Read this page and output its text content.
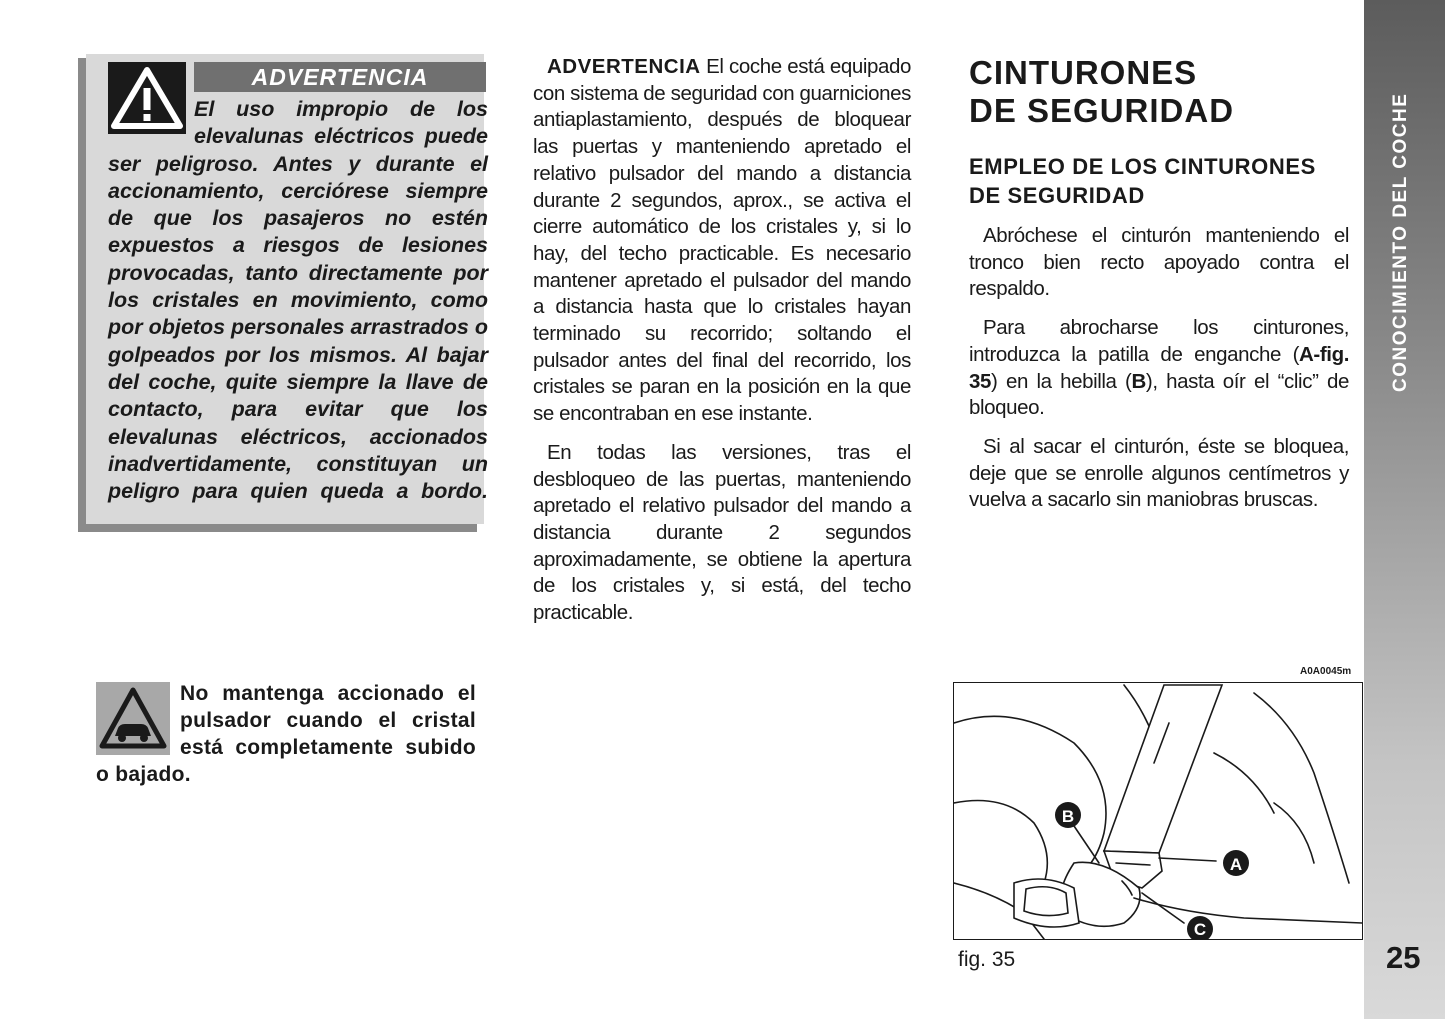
ADVERTENCIA

El uso impropio de los elevalunas eléctricos puede ser peligroso. Antes y durante el accionamiento, cerciórese siempre de que los pasajeros no estén expuestos a riesgos de lesiones provocadas, tanto directamente por los cristales en movimiento, como por objetos personales arrastrados o golpeados por los mismos. Al bajar del coche, quite siempre la llave de contacto, para evitar que los elevalunas eléctricos, accionados inadvertidamente, constituyan un peligro para quien queda a bordo.

ADVERTENCIA El coche está equipado con sistema de seguridad con guarniciones antiaplastamiento, después de bloquear las puertas y manteniendo apretado el relativo pulsador del mando a distancia durante 2 segundos, aprox., se activa el cierre automático de los cristales y, si lo hay, del techo practicable. Es necesario mantener apretado el pulsador del mando a distancia hasta que lo cristales hayan terminado su recorrido; soltando el pulsador antes del final del recorrido, los cristales se paran en la posición en la que se encontraban en ese instante.

En todas las versiones, tras el desbloqueo de las puertas, manteniendo apretado el relativo pulsador del mando a distancia durante 2 segundos aproximadamente, se obtiene la apertura de los cristales y, si está, del techo practicable.

CINTURONES
DE SEGURIDAD
EMPLEO DE LOS CINTURONES
DE SEGURIDAD

Abróchese el cinturón manteniendo el tronco bien recto apoyado contra el respaldo.

Para abrocharse los cinturones, introduzca la patilla de enganche (A-fig. 35) en la hebilla (B), hasta oír el “clic” de bloqueo.

Si al sacar el cinturón, éste se bloquea, deje que se enrolle algunos centímetros y vuelva a sacarlo sin maniobras bruscas.

No mantenga accionado el pulsador cuando el cristal está completamente subido o bajado.

A0A0045m
B
A
C
fig. 35
CONOCIMIENTO DEL COCHE
25
